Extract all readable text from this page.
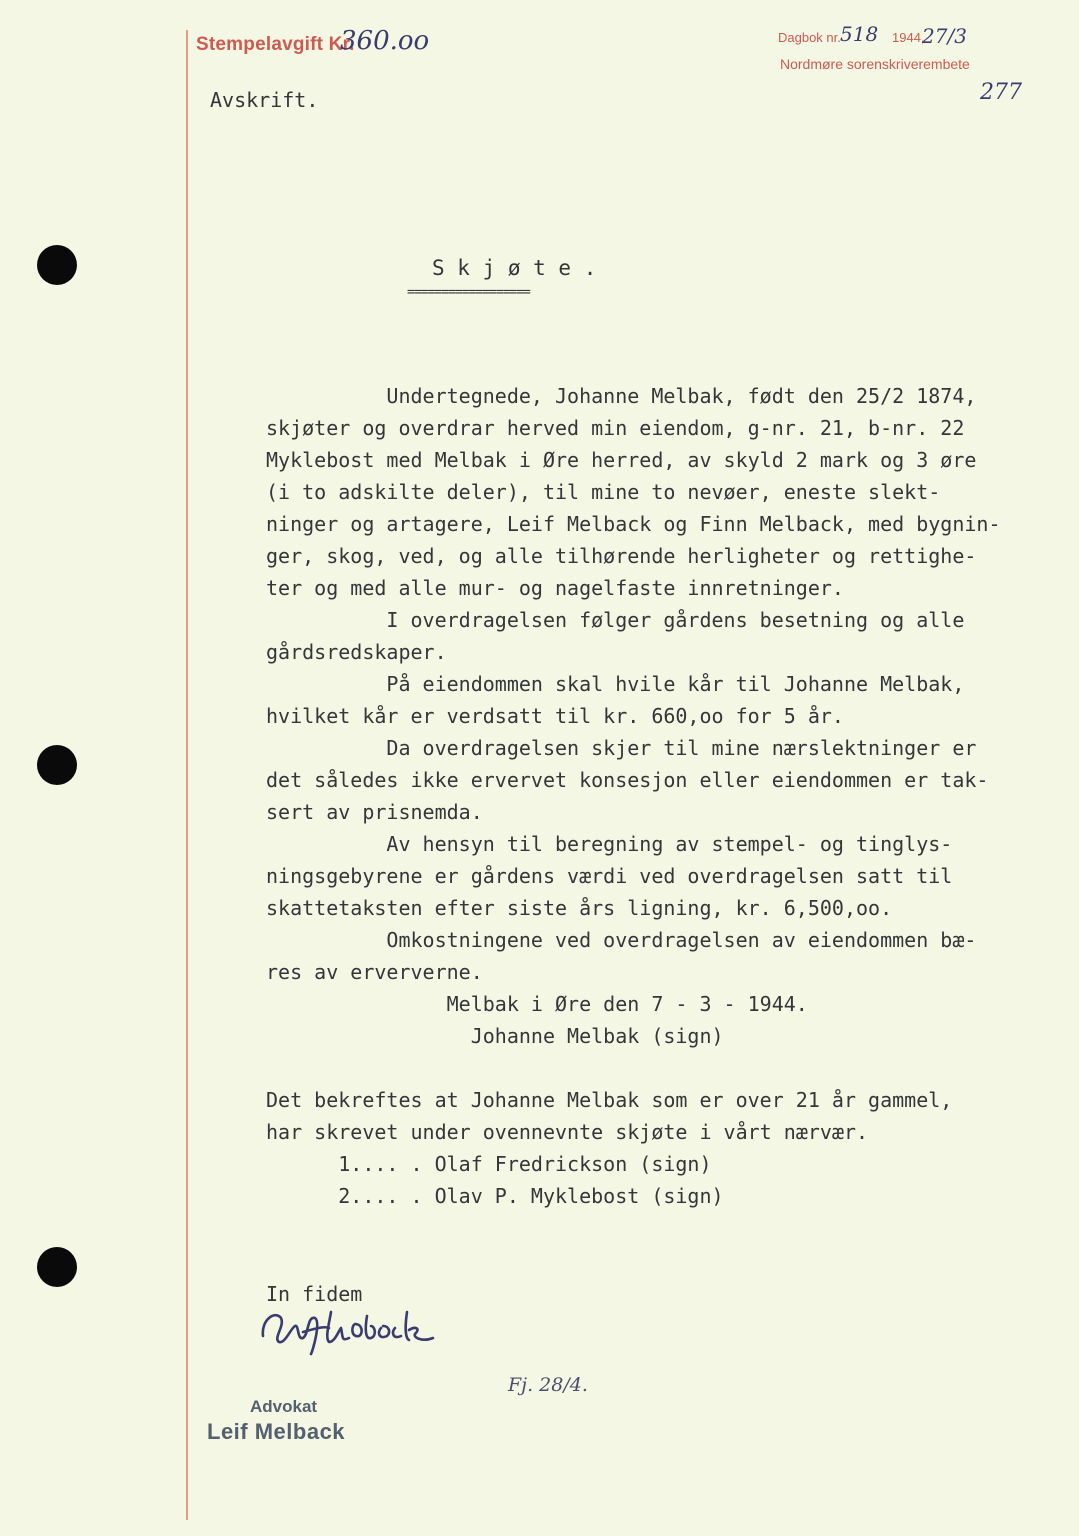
Stempelavgift Kr.
360.oo	Dagbok nr. 518 1944,
27/3
Nordmøre sorenskriverembete
277
Avskrift.
S k j ø t e .
==================
Undertegnede, Johanne Melbak, født den 25/2 1874,
skjøter og overdrar herved min eiendom, g-nr. 21, b-nr. 22
Myklebost med Melbak i Øre herred, av skyld 2 mark og 3 øre
(i to adskilte deler), til mine to nevøer, eneste slekt-
ninger og artagere, Leif Melback og Finn Melback, med bygnin-
ger, skog, ved, og alle tilhørende herligheter og rettighe-
ter og med alle mur- og nagelfaste innretninger.
I overdragelsen følger gårdens besetning og alle
gårdsredskaper.
På eiendommen skal hvile kår til Johanne Melbak,
hvilket kår er verdsatt til kr. 660,oo for 5 år.
Da overdragelsen skjer til mine nærslektninger er
det således ikke ervervet konsesjon eller eiendommen er tak-
sert av prisnemda.
Av hensyn til beregning av stempel- og tinglys-
ningsgebyrene er gårdens værdi ved overdragelsen satt til
skattetaksten efter siste års ligning, kr. 6,500,oo.
Omkostningene ved overdragelsen av eiendommen bæ-
res av erververne.
Melbak i Øre den 7 - 3 - 1944.
Johanne Melbak (sign)

Det bekreftes at Johanne Melbak som er over 21 år gammel,
har skrevet under ovennevnte skjøte i vårt nærvær.
1.... . Olaf Fredrickson (sign)
2.... . Olav P. Myklebost (sign)
In fidem
Fj. 28/4.
Advokat
Leif Melback
